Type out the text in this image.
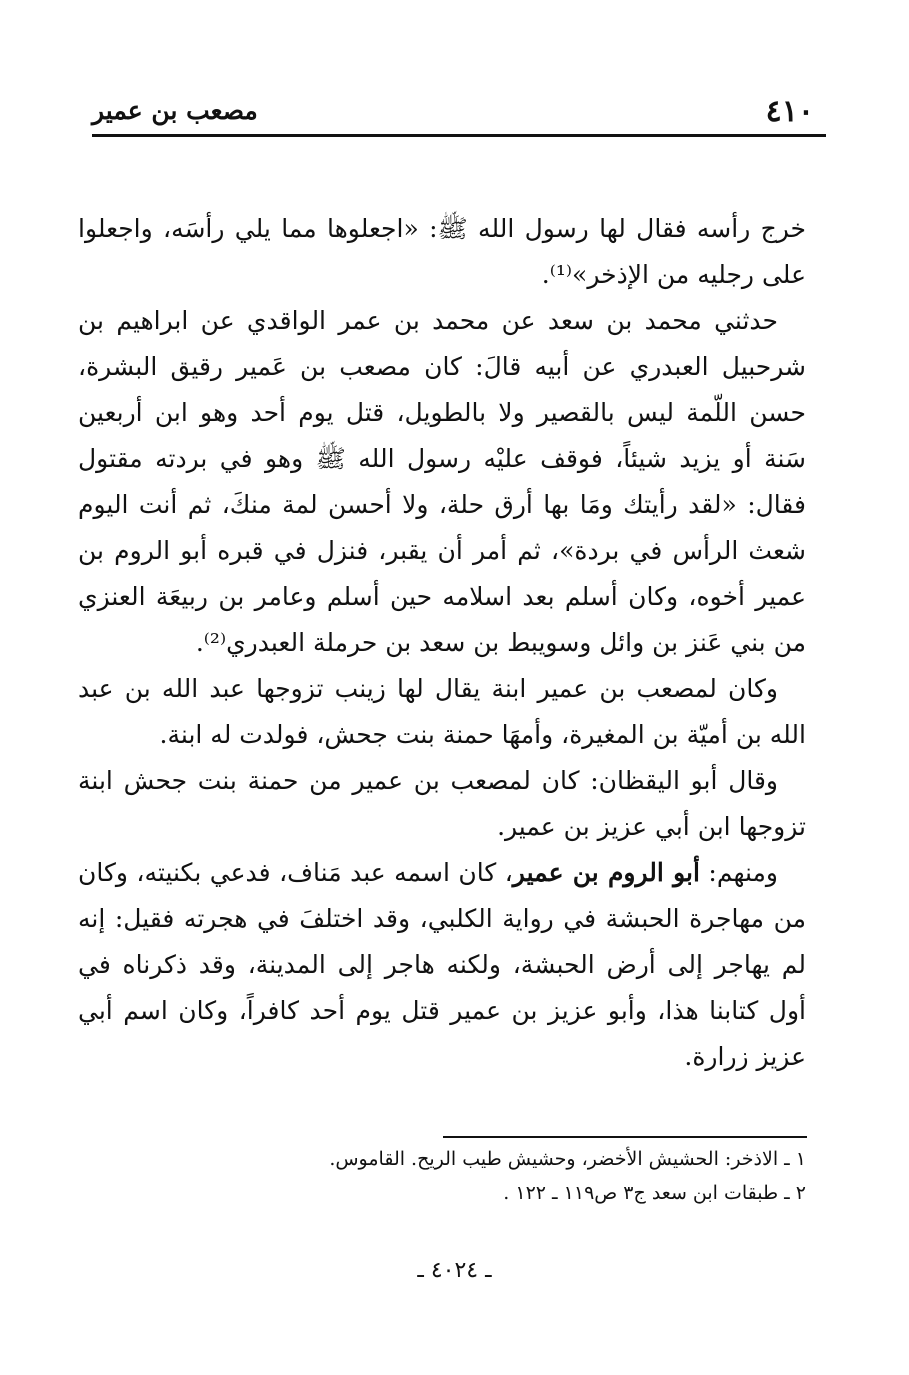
٤١٠
مصعب بن عمير

خرج رأسه فقال لها رسول الله ﷺ: «اجعلوها مما يلي رأسَه، واجعلوا على رجليه من الإذخر»⁽¹⁾.

حدثني محمد بن سعد عن محمد بن عمر الواقدي عن ابراهيم بن شرحبيل العبدري عن أبيه قالَ: كان مصعب بن عَمير رقيق البشرة، حسن اللّمة ليس بالقصير ولا بالطويل، قتل يوم أحد وهو ابن أربعين سَنة أو يزيد شيئاً، فوقف عليْه رسول الله ﷺ وهو في بردته مقتول فقال: «لقد رأيتك ومَا بها أرق حلة، ولا أحسن لمة منكَ، ثم أنت اليوم شعث الرأس في بردة»، ثم أمر أن يقبر، فنزل في قبره أبو الروم بن عمير أخوه، وكان أسلم بعد اسلامه حين أسلم وعامر بن ربيعَة العنزي من بني عَنز بن وائل وسويبط بن سعد بن حرملة العبدري⁽²⁾.

وكان لمصعب بن عمير ابنة يقال لها زينب تزوجها عبد الله بن عبد الله بن أميّة بن المغيرة، وأمهَا حمنة بنت جحش، فولدت له ابنة.

وقال أبو اليقظان: كان لمصعب بن عمير من حمنة بنت جحش ابنة تزوجها ابن أبي عزيز بن عمير.

ومنهم: أبو الروم بن عمير، كان اسمه عبد مَناف، فدعي بكنيته، وكان من مهاجرة الحبشة في رواية الكلبي، وقد اختلفَ في هجرته فقيل: إنه لم يهاجر إلى أرض الحبشة، ولكنه هاجر إلى المدينة، وقد ذكرناه في أول كتابنا هذا، وأبو عزيز بن عمير قتل يوم أحد كافراً، وكان اسم أبي عزيز زرارة.

١ ـ الاذخر: الحشيش الأخضر، وحشيش طيب الريح. القاموس.
٢ ـ طبقات ابن سعد ج٣ ص١١٩ ـ ١٢٢ .
ـ ٤٠٢٤ ـ
